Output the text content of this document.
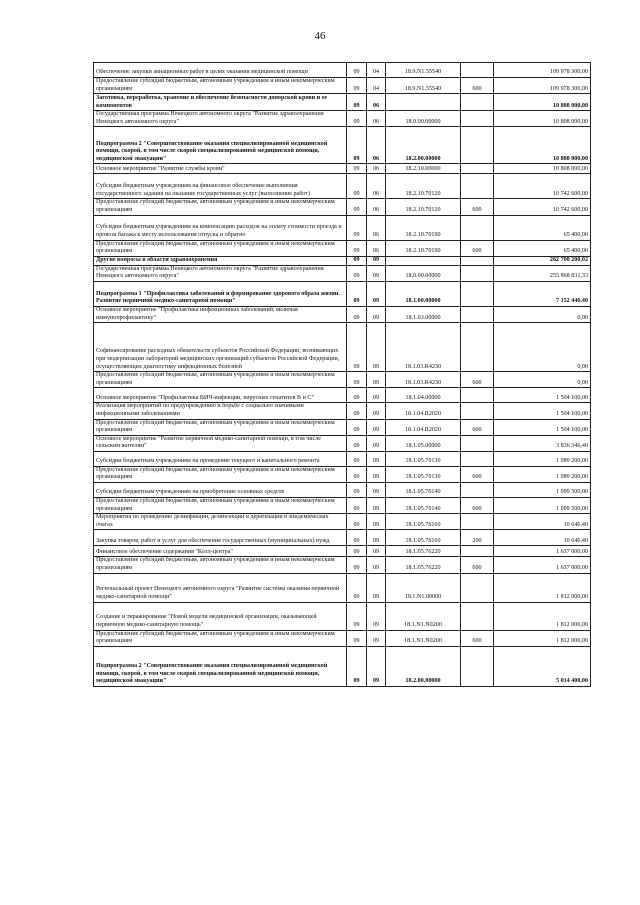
46
Обеспечение закупки авиационных работ в целях оказания медицинской помощи	09	04	18.9.N1.55540		109 978 300,00
Предоставление субсидий бюджетным, автономным учреждениям и иным некоммерческим организациям	09	04	18.9.N1.55540	600	109 978 300,00
Заготовка, переработка, хранение и обеспечение безопасности донорской крови и ее компонентов	09	06			10 808 000,00
Государственная программа Ненецкого автономного округа "Развитие здравоохранения Ненецкого автономного округа"	09	06	18.0.00.00000		10 808 000,00
Подпрограмма 2 "Совершенствование оказания специализированной медицинской помощи, скорой, в том числе скорой специализированной медицинской помощи, медицинской эвакуации"	09	06	18.2.00.00000		10 808 000,00
Основное мероприятие "Развитие службы крови"	09	06	18.2.10.00000		10 808 000,00
Субсидии бюджетным учреждениям на финансовое обеспечение выполнения государственного задания на оказание государственных услуг (выполнение работ)	09	06	18.2.10.70120		10 742 600,00
Предоставление субсидий бюджетным, автономным учреждениям и иным некоммерческим организациям	09	06	18.2.10.70120	600	10 742 600,00
Субсидии бюджетным учреждениям на компенсацию расходов на оплату стоимости проезда и провоза багажа к месту использования отпуска и обратно	09	06	18.2.10.70190		65 400,00
Предоставление субсидий бюджетным, автономным учреждениям и иным некоммерческим организациям	09	06	18.2.10.70190	600	65 400,00
Другие вопросы в области здравоохранения	09	09			262 708 200,02
Государственная программа Ненецкого автономного округа "Развитие здравоохранения Ненецкого автономного округа"	09	09	18.0.00.00000		255 868 831,33
Подпрограмма 1 "Профилактика заболеваний и формирование здорового образа жизни. Развитие первичной медико-санитарной помощи"	09	09	18.1.00.00000		7 152 446,40
Основное мероприятие "Профилактика инфекционных заболеваний, включая иммунопрофилактику"	09	09	18.1.03.00000		0,00
Софинансирование расходных обязательств субъектов Российской Федерации, возникающих при модернизации лабораторий медицинских организаций субъектов Российской Федерации, осуществляющих диагностику инфекционных болезней	09	09	18.1.03.R4230		0,00
Предоставление субсидий бюджетным, автономным учреждениям и иным некоммерческим организациям	09	09	18.1.03.R4230	600	0,00
Основное мероприятие "Профилактика ВИЧ-инфекции, вирусных гепатитов В и С"	09	09	18.1.04.00000		1 504 100,00
Реализация мероприятий по предупреждению и борьбе с социально значимыми инфекционными заболеваниями	09	09	18.1.04.R2020		1 504 100,00
Предоставление субсидий бюджетным, автономным учреждениям и иным некоммерческим организациям	09	09	18.1.04.R2020	600	1 504 100,00
Основное мероприятие "Развитие первичной медико-санитарной помощи, в том числе сельским жителям"	09	09	18.1.05.00000		3 836 346,40
Субсидии бюджетным учреждениям на проведение текущего и капитального ремонта	09	09	18.1.05.70130		1 089 200,00
Предоставление субсидий бюджетным, автономным учреждениям и иным некоммерческим организациям	09	09	18.1.05.70130	600	1 089 200,00
Субсидии бюджетным учреждениям на приобретение основных средств	09	09	18.1.05.70140		1 099 500,00
Предоставление субсидий бюджетным, автономным учреждениям и иным некоммерческим организациям	09	09	18.1.05.70140	600	1 099 500,00
Мероприятия по проведению дезинфекции, дезинсекции и дератизации в эпидемических очагах	09	09	18.1.05.76160		10 646,40
Закупка товаров, работ и услуг для обеспечения государственных (муниципальных) нужд	09	09	18.1.05.76160	200	10 646,40
Финансовое обеспечение содержания "Колл-центра"	09	09	18.1.05.76220		1 637 000,00
Предоставление субсидий бюджетным, автономным учреждениям и иным некоммерческим организациям	09	09	18.1.05.76220	600	1 637 000,00
Региональный проект Ненецкого автономного округа "Развитие системы оказания первичной медико-санитарной помощи"	09	09	18.1.N1.00000		1 812 000,00
Создание и тиражирование "Новой модели медицинской организации, оказывающей первичную медико-санитарную помощь"	09	09	18.1.N1.N0200		1 812 000,00
Предоставление субсидий бюджетным, автономным учреждениям и иным некоммерческим организациям	09	09	18.1.N1.N0200	600	1 812 000,00
Подпрограмма 2 "Совершенствование оказания специализированной медицинской помощи, скорой, в том числе скорой специализированной медицинской помощи, медицинской эвакуации"	09	09	18.2.00.00000		5 014 400,00
